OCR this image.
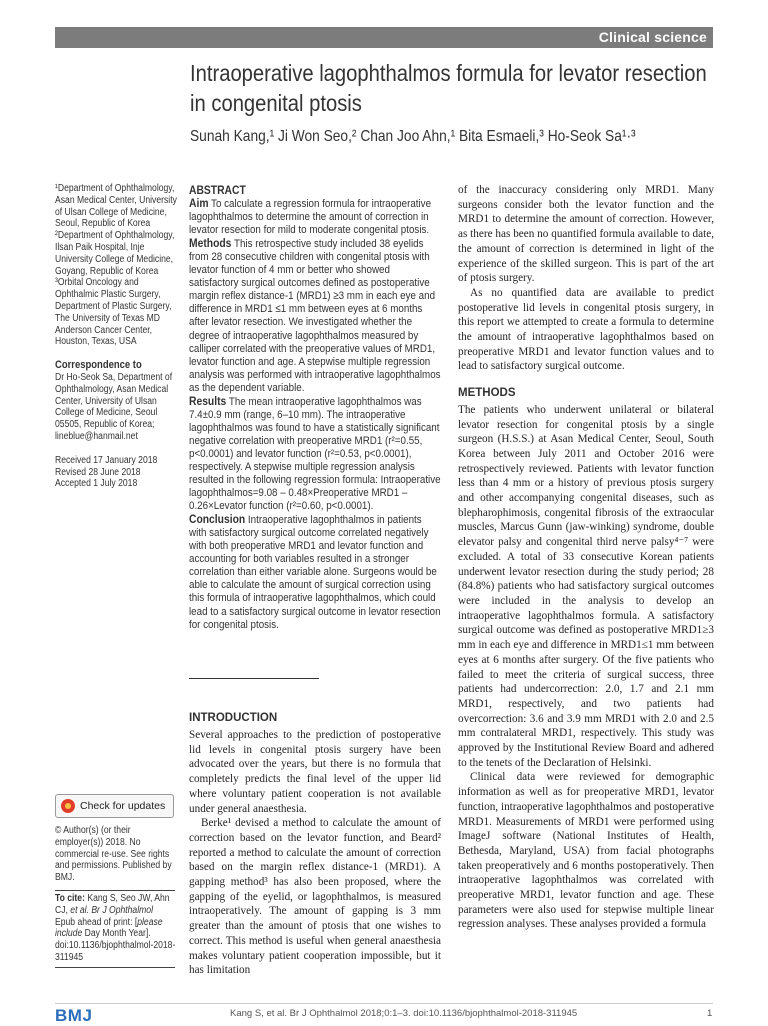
Clinical science
Intraoperative lagophthalmos formula for levator resection in congenital ptosis
Sunah Kang,¹ Ji Won Seo,² Chan Joo Ahn,¹ Bita Esmaeli,³ Ho-Seok Sa¹·³
¹Department of Ophthalmology, Asan Medical Center, University of Ulsan College of Medicine, Seoul, Republic of Korea
²Department of Ophthalmology, Ilsan Paik Hospital, Inje University College of Medicine, Goyang, Republic of Korea
³Orbital Oncology and Ophthalmic Plastic Surgery, Department of Plastic Surgery, The University of Texas MD Anderson Cancer Center, Houston, Texas, USA
Correspondence to
Dr Ho-Seok Sa, Department of Ophthalmology, Asan Medical Center, University of Ulsan College of Medicine, Seoul 05505, Republic of Korea; lineblue@hanmail.net
Received 17 January 2018
Revised 28 June 2018
Accepted 1 July 2018
Check for updates
© Author(s) (or their employer(s)) 2018. No commercial re-use. See rights and permissions. Published by BMJ.
To cite: Kang S, Seo JW, Ahn CJ, et al. Br J Ophthalmol Epub ahead of print: [please include Day Month Year]. doi:10.1136/bjophthalmol-2018-311945
ABSTRACT
Aim To calculate a regression formula for intraoperative lagophthalmos to determine the amount of correction in levator resection for mild to moderate congenital ptosis.
Methods This retrospective study included 38 eyelids from 28 consecutive children with congenital ptosis with levator function of 4 mm or better who showed satisfactory surgical outcomes defined as postoperative margin reflex distance-1 (MRD1) ≥3 mm in each eye and difference in MRD1 ≤1 mm between eyes at 6 months after levator resection. We investigated whether the degree of intraoperative lagophthalmos measured by calliper correlated with the preoperative values of MRD1, levator function and age. A stepwise multiple regression analysis was performed with intraoperative lagophthalmos as the dependent variable.
Results The mean intraoperative lagophthalmos was 7.4±0.9 mm (range, 6–10 mm). The intraoperative lagophthalmos was found to have a statistically significant negative correlation with preoperative MRD1 (r²=0.55, p<0.0001) and levator function (r²=0.53, p<0.0001), respectively. A stepwise multiple regression analysis resulted in the following regression formula: Intraoperative lagophthalmos=9.08 – 0.48×Preoperative MRD1 – 0.26×Levator function (r²=0.60, p<0.0001).
Conclusion Intraoperative lagophthalmos in patients with satisfactory surgical outcome correlated negatively with both preoperative MRD1 and levator function and accounting for both variables resulted in a stronger correlation than either variable alone. Surgeons would be able to calculate the amount of surgical correction using this formula of intraoperative lagophthalmos, which could lead to a satisfactory surgical outcome in levator resection for congenital ptosis.
INTRODUCTION

Several approaches to the prediction of postoperative lid levels in congenital ptosis surgery have been advocated over the years, but there is no formula that completely predicts the final level of the upper lid where voluntary patient cooperation is not available under general anaesthesia.

Berke¹ devised a method to calculate the amount of correction based on the levator function, and Beard² reported a method to calculate the amount of correction based on the margin reflex distance-1 (MRD1). A gapping method³ has also been proposed, where the gapping of the eyelid, or lagophthalmos, is measured intraoperatively. The amount of gapping is 3 mm greater than the amount of ptosis that one wishes to correct. This method is useful when general anaesthesia makes voluntary patient cooperation impossible, but it has limitation

of the inaccuracy considering only MRD1. Many surgeons consider both the levator function and the MRD1 to determine the amount of correction. However, as there has been no quantified formula available to date, the amount of correction is determined in light of the experience of the skilled surgeon. This is part of the art of ptosis surgery.

As no quantified data are available to predict postoperative lid levels in congenital ptosis surgery, in this report we attempted to create a formula to determine the amount of intraoperative lagophthalmos based on preoperative MRD1 and levator function values and to lead to satisfactory surgical outcome.

METHODS

The patients who underwent unilateral or bilateral levator resection for congenital ptosis by a single surgeon (H.S.S.) at Asan Medical Center, Seoul, South Korea between July 2011 and October 2016 were retrospectively reviewed. Patients with levator function less than 4 mm or a history of previous ptosis surgery and other accompanying congenital diseases, such as blepharophimosis, congenital fibrosis of the extraocular muscles, Marcus Gunn (jaw-winking) syndrome, double elevator palsy and congenital third nerve palsy⁴⁻⁷ were excluded. A total of 33 consecutive Korean patients underwent levator resection during the study period; 28 (84.8%) patients who had satisfactory surgical outcomes were included in the analysis to develop an intraoperative lagophthalmos formula. A satisfactory surgical outcome was defined as postoperative MRD1≥3 mm in each eye and difference in MRD1≤1 mm between eyes at 6 months after surgery. Of the five patients who failed to meet the criteria of surgical success, three patients had undercorrection: 2.0, 1.7 and 2.1 mm MRD1, respectively, and two patients had overcorrection: 3.6 and 3.9 mm MRD1 with 2.0 and 2.5 mm contralateral MRD1, respectively. This study was approved by the Institutional Review Board and adhered to the tenets of the Declaration of Helsinki.

Clinical data were reviewed for demographic information as well as for preoperative MRD1, levator function, intraoperative lagophthalmos and postoperative MRD1. Measurements of MRD1 were performed using ImageJ software (National Institutes of Health, Bethesda, Maryland, USA) from facial photographs taken preoperatively and 6 months postoperatively. Then intraoperative lagophthalmos was correlated with preoperative MRD1, levator function and age. These parameters were also used for stepwise multiple linear regression analyses. These analyses provided a formula

BMJ	Kang S, et al. Br J Ophthalmol 2018;0:1–3. doi:10.1136/bjophthalmol-2018-311945	1
